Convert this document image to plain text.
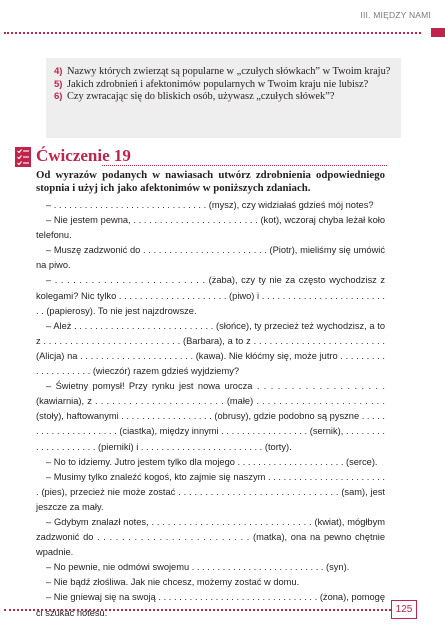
III. MIĘDZY NAMI
4) Nazwy których zwierząt są popularne w „czułych słówkach” w Twoim kraju?
5) Jakich zdrobnień i afektonimów popularnych w Twoim kraju nie lubisz?
6) Czy zwracając się do bliskich osób, używasz „czułych słówek”?
Ćwiczenie 19
Od wyrazów podanych w nawiasach utwórz zdrobnienia odpowiedniego stopnia i użyj ich jako afektonimów w poniższych zdaniach.

– . . . . . . . . . . . . . . . . . . . . . . . . . . . . . . (mysz), czy widziałaś gdzieś mój notes?

– Nie jestem pewna, . . . . . . . . . . . . . . . . . . . . . . . . (kot), wczoraj chyba leżał koło telefonu.

– Muszę zadzwonić do . . . . . . . . . . . . . . . . . . . . . . . . (Piotr), mieliśmy się umówić na piwo.

– . . . . . . . . . . . . . . . . . . . . . . . . . (żaba), czy ty nie za często wychodzisz z kolegami? Nic tylko . . . . . . . . . . . . . . . . . . . . . (piwo) i . . . . . . . . . . . . . . . . . . . . . . . . . . (papierosy). To nie jest najzdrowsze.

– Ależ . . . . . . . . . . . . . . . . . . . . . . . . . . . (słońce), ty przecież też wychodzisz, a to z . . . . . . . . . . . . . . . . . . . . . . . . . . (Barbara), a to z . . . . . . . . . . . . . . . . . . . . . . . . . (Alicja) na . . . . . . . . . . . . . . . . . . . . . . (kawa). Nie kłóćmy się, może jutro . . . . . . . . . . . . . . . . . . . . (wieczór) razem gdzieś wyjdziemy?

– Świetny pomysł! Przy rynku jest nowa urocza . . . . . . . . . . . . . . . . . . . (kawiarnia), z . . . . . . . . . . . . . . . . . . . . . . . (małe) . . . . . . . . . . . . . . . . . . . . . . . (stoły), haftowanymi . . . . . . . . . . . . . . . . . . (obrusy), gdzie podobno są pyszne . . . . . . . . . . . . . . . . . . . . . (ciastka), między innymi . . . . . . . . . . . . . . . . . (sernik), . . . . . . . . . . . . . . . . . . . . (pierniki) i . . . . . . . . . . . . . . . . . . . . . . . . (torty).

– No to idziemy. Jutro jestem tylko dla mojego . . . . . . . . . . . . . . . . . . . . . (serce).

– Musimy tylko znaleźć kogoś, kto zajmie się naszym . . . . . . . . . . . . . . . . . . . . . . . . (pies), przecież nie może zostać . . . . . . . . . . . . . . . . . . . . . . . . . . . . . . (sam), jest jeszcze za mały.

– Gdybym znalazł notes, . . . . . . . . . . . . . . . . . . . . . . . . . . . . . . (kwiat), mógłbym zadzwonić do . . . . . . . . . . . . . . . . . . . . . . . . . (matka), ona na pewno chętnie wpadnie.

– No pewnie, nie odmówi swojemu . . . . . . . . . . . . . . . . . . . . . . . . . . (syn).

– Nie bądź złośliwa. Jak nie chcesz, możemy zostać w domu.

– Nie gniewaj się na swoją . . . . . . . . . . . . . . . . . . . . . . . . . . . . . . . (żona), pomogę ci szukać notesu.	125
